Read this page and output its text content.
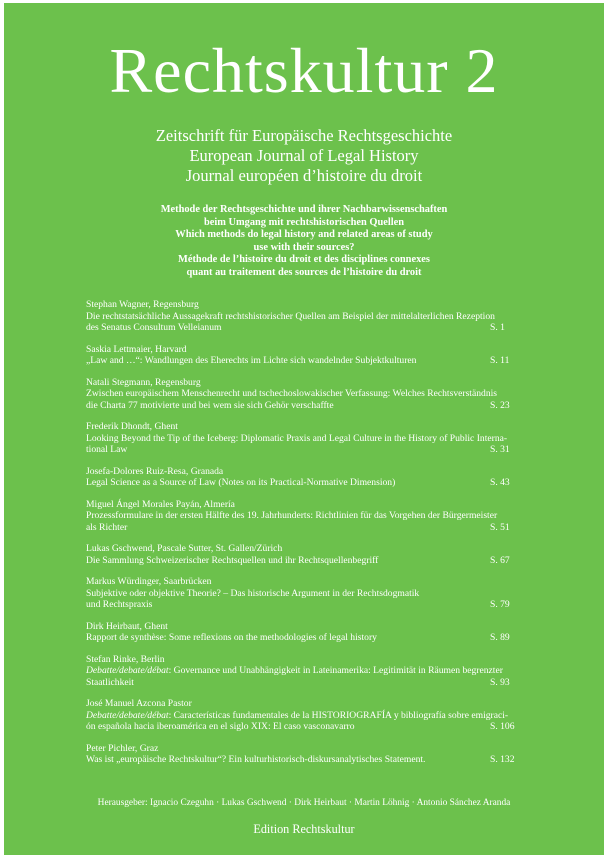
Rechtskultur 2
Zeitschrift für Europäische Rechtsgeschichte
European Journal of Legal History
Journal européen d’histoire du droit
Methode der Rechtsgeschichte und ihrer Nachbarwissenschaften
beim Umgang mit rechtshistorischen Quellen
Which methods do legal history and related areas of study
use with their sources?
Méthode de l’histoire du droit et des disciplines connexes
quant au traitement des sources de l’histoire du droit
Stephan Wagner, Regensburg
Die rechtstatsächliche Aussagekraft rechtshistorischer Quellen am Beispiel der mittelalterlichen Rezeption
des Senatus Consultum Velleianum	S. 1
Saskia Lettmaier, Harvard
„Law and …“: Wandlungen des Eherechts im Lichte sich wandelnder Subjektkulturen	S. 11
Natali Stegmann, Regensburg
Zwischen europäischem Menschenrecht und tschechoslowakischer Verfassung: Welches Rechtsverständnis
die Charta 77 motivierte und bei wem sie sich Gehör verschaffte	S. 23
Frederik Dhondt, Ghent
Looking Beyond the Tip of the Iceberg: Diplomatic Praxis and Legal Culture in the History of Public Interna-
tional Law	S. 31
Josefa-Dolores Ruiz-Resa, Granada
Legal Science as a Source of Law (Notes on its Practical-Normative Dimension)	S. 43
Miguel Ángel Morales Payán, Almería
Prozessformulare in der ersten Hälfte des 19. Jahrhunderts: Richtlinien für das Vorgehen der Bürgermeister
als Richter	S. 51
Lukas Gschwend, Pascale Sutter, St. Gallen/Zürich
Die Sammlung Schweizerischer Rechtsquellen und ihr Rechtsquellenbegriff	S. 67
Markus Würdinger, Saarbrücken
Subjektive oder objektive Theorie? – Das historische Argument in der Rechtsdogmatik
und Rechtspraxis	S. 79
Dirk Heirbaut, Ghent
Rapport de synthèse: Some reflexions on the methodologies of legal history	S. 89
Stefan Rinke, Berlin
Debatte/debate/débat: Governance und Unabhängigkeit in Lateinamerika: Legitimität in Räumen begrenzter
Staatlichkeit	S. 93
José Manuel Azcona Pastor
Debatte/debate/débat: Características fundamentales de la HISTORIOGRAFÍA y bibliografía sobre emigraci-
ón española hacia iberoamérica en el siglo XIX: El caso vasconavarro	S. 106
Peter Pichler, Graz
Was ist „europäische Rechtskultur“? Ein kulturhistorisch-diskursanalytisches Statement.	S. 132
Herausgeber: Ignacio Czeguhn · Lukas Gschwend · Dirk Heirbaut · Martin Löhnig · Antonio Sánchez Aranda
Edition Rechtskultur
